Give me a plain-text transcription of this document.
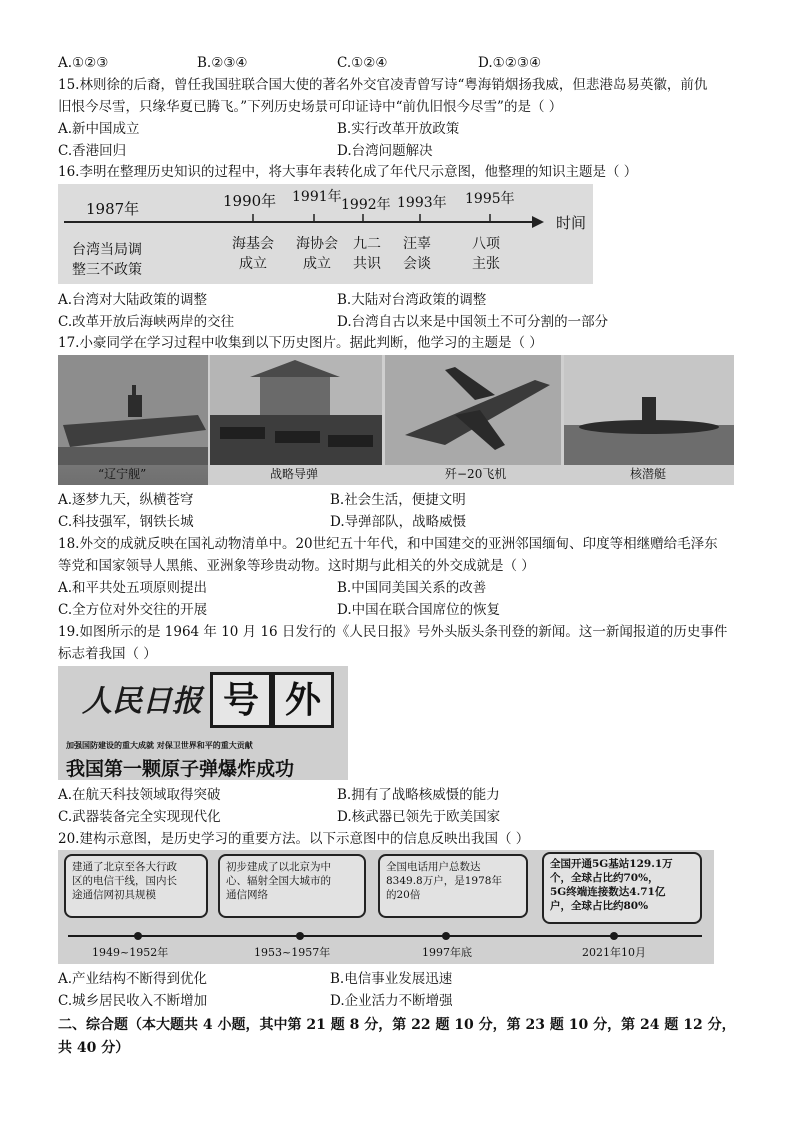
A.①②③	B.②③④	C.①②④	D.①②③④
15.林则徐的后裔，曾任我国驻联合国大使的著名外交官凌青曾写诗“粤海销烟扬我威，但悲港岛易英徽，前仇
旧恨今尽雪，只缘华夏已腾飞。”下列历史场景可印证诗中“前仇旧恨今尽雪”的是（ ）
A.新中国成立	B.实行改革开放政策
C.香港回归	D.台湾问题解决
16.李明在整理历史知识的过程中，将大事年表转化成了年代尺示意图，他整理的知识主题是（ ）
1987年	1990年 1991年 1992年 1993年 1995年
时间
台湾当局调
整三不政策
海基会
成立
海协会
成立
九二
共识
汪辜
会谈
八项
主张
A.台湾对大陆政策的调整	B.大陆对台湾政策的调整
C.改革开放后海峡两岸的交往	D.台湾自古以来是中国领土不可分割的一部分
17.小豪同学在学习过程中收集到以下历史图片。据此判断，他学习的主题是（ ）
“辽宁舰”	战略导弹	歼−20飞机	核潜艇
A.逐梦九天，纵横苍穹	B.社会生活，便捷文明
C.科技强军，钢铁长城	D.导弹部队，战略威慑
18.外交的成就反映在国礼动物清单中。20世纪五十年代，和中国建交的亚洲邻国缅甸、印度等相继赠给毛泽东
等党和国家领导人黑熊、亚洲象等珍贵动物。这时期与此相关的外交成就是（ ）
A.和平共处五项原则提出	B.中国同美国关系的改善
C.全方位对外交往的开展	D.中国在联合国席位的恢复
19.如图所示的是 1964 年 10 月 16 日发行的《人民日报》号外头版头条刊登的新闻。这一新闻报道的历史事件
标志着我国（ ）
人民日报 号 外
加强国防建设的重大成就 对保卫世界和平的重大贡献
我国第一颗原子弹爆炸成功
A.在航天科技领域取得突破	B.拥有了战略核威慑的能力
C.武器装备完全实现现代化	D.核武器已领先于欧美国家
20.建构示意图，是历史学习的重要方法。以下示意图中的信息反映出我国（ ）
建通了北京至各大行政
区的电信干线，国内长
途通信网初具规模
初步建成了以北京为中
心、辐射全国大城市的
通信网络
全国电话用户总数达
8349.8万户，是1978年
的20倍
全国开通5G基站129.1万
个，全球占比约70%，
5G终端连接数达4.71亿
户，全球占比约80%
1949~1952年	1953~1957年	1997年底	2021年10月
A.产业结构不断得到优化	B.电信事业发展迅速
C.城乡居民收入不断增加	D.企业活力不断增强
二、综合题（本大题共 4 小题，其中第 21 题 8 分，第 22 题 10 分，第 23 题 10 分，第 24 题 12 分，
共 40 分）
